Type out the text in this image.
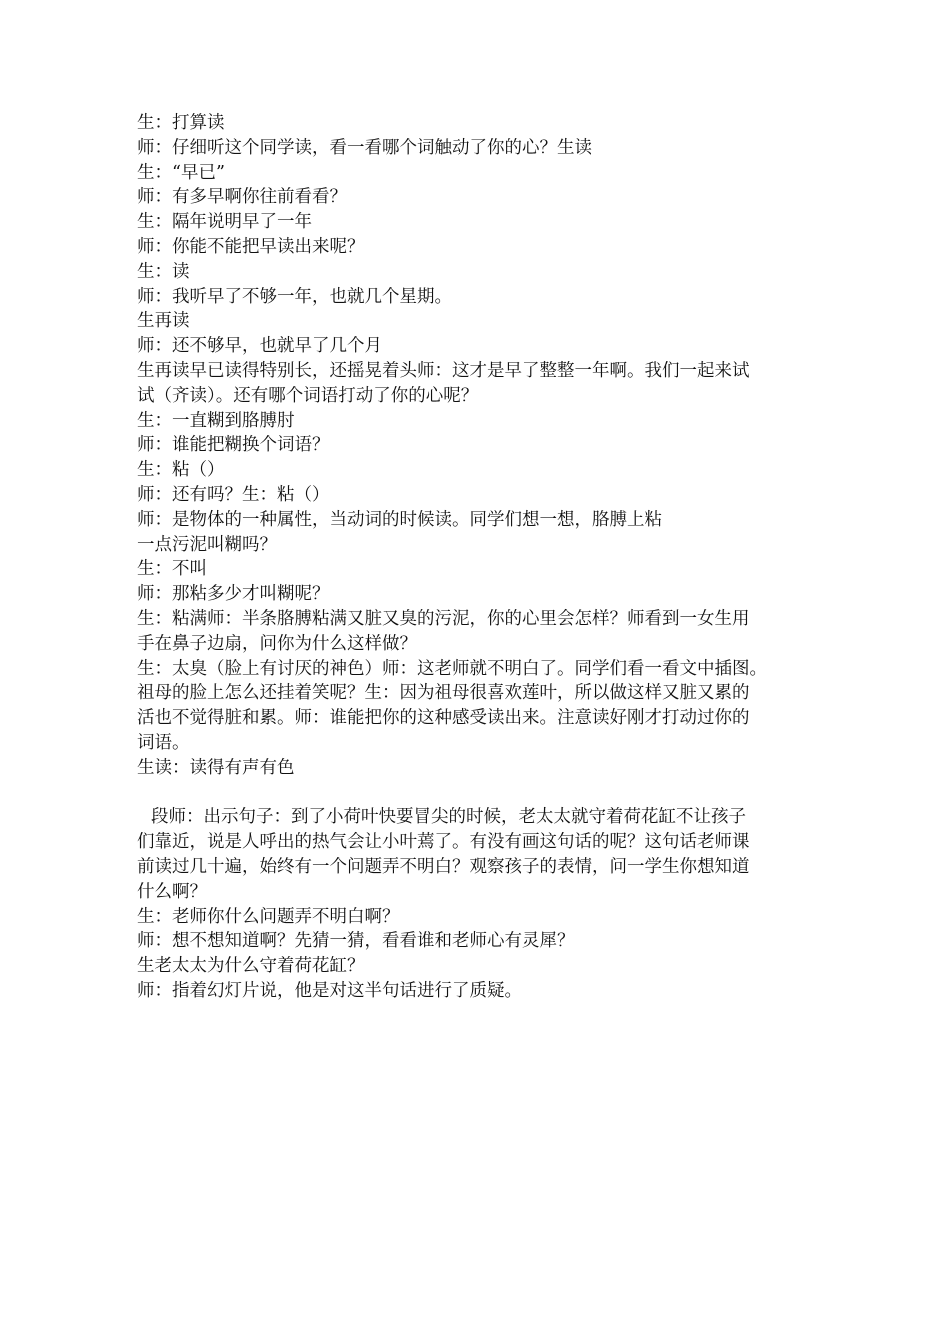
生：打算读
师：仔细听这个同学读，看一看哪个词触动了你的心？生读
生：“早已”
师：有多早啊你往前看看？
生：隔年说明早了一年
师：你能不能把早读出来呢？
生：读
师：我听早了不够一年，也就几个星期。
生再读
师：还不够早，也就早了几个月
生再读早已读得特别长，还摇晃着头师：这才是早了整整一年啊。我们一起来试
试（齐读）。还有哪个词语打动了你的心呢？
生：一直糊到胳膊肘
师：谁能把糊换个词语？
生：粘（）
师：还有吗？生：粘（）
师：是物体的一种属性，当动词的时候读。同学们想一想，胳膊上粘
一点污泥叫糊吗？
生：不叫
师：那粘多少才叫糊呢？
生：粘满师：半条胳膊粘满又脏又臭的污泥，你的心里会怎样？师看到一女生用
手在鼻子边扇，问你为什么这样做？
生：太臭（脸上有讨厌的神色）师：这老师就不明白了。同学们看一看文中插图。
祖母的脸上怎么还挂着笑呢？生：因为祖母很喜欢莲叶，所以做这样又脏又累的
活也不觉得脏和累。师：谁能把你的这种感受读出来。注意读好刚才打动过你的
词语。
生读：读得有声有色
段师：出示句子：到了小荷叶快要冒尖的时候，老太太就守着荷花缸不让孩子
们靠近，说是人呼出的热气会让小叶蔫了。有没有画这句话的呢？这句话老师课
前读过几十遍，始终有一个问题弄不明白？观察孩子的表情，问一学生你想知道
什么啊？
生：老师你什么问题弄不明白啊？
师：想不想知道啊？先猜一猜，看看谁和老师心有灵犀？
生老太太为什么守着荷花缸？
师：指着幻灯片说，他是对这半句话进行了质疑。
